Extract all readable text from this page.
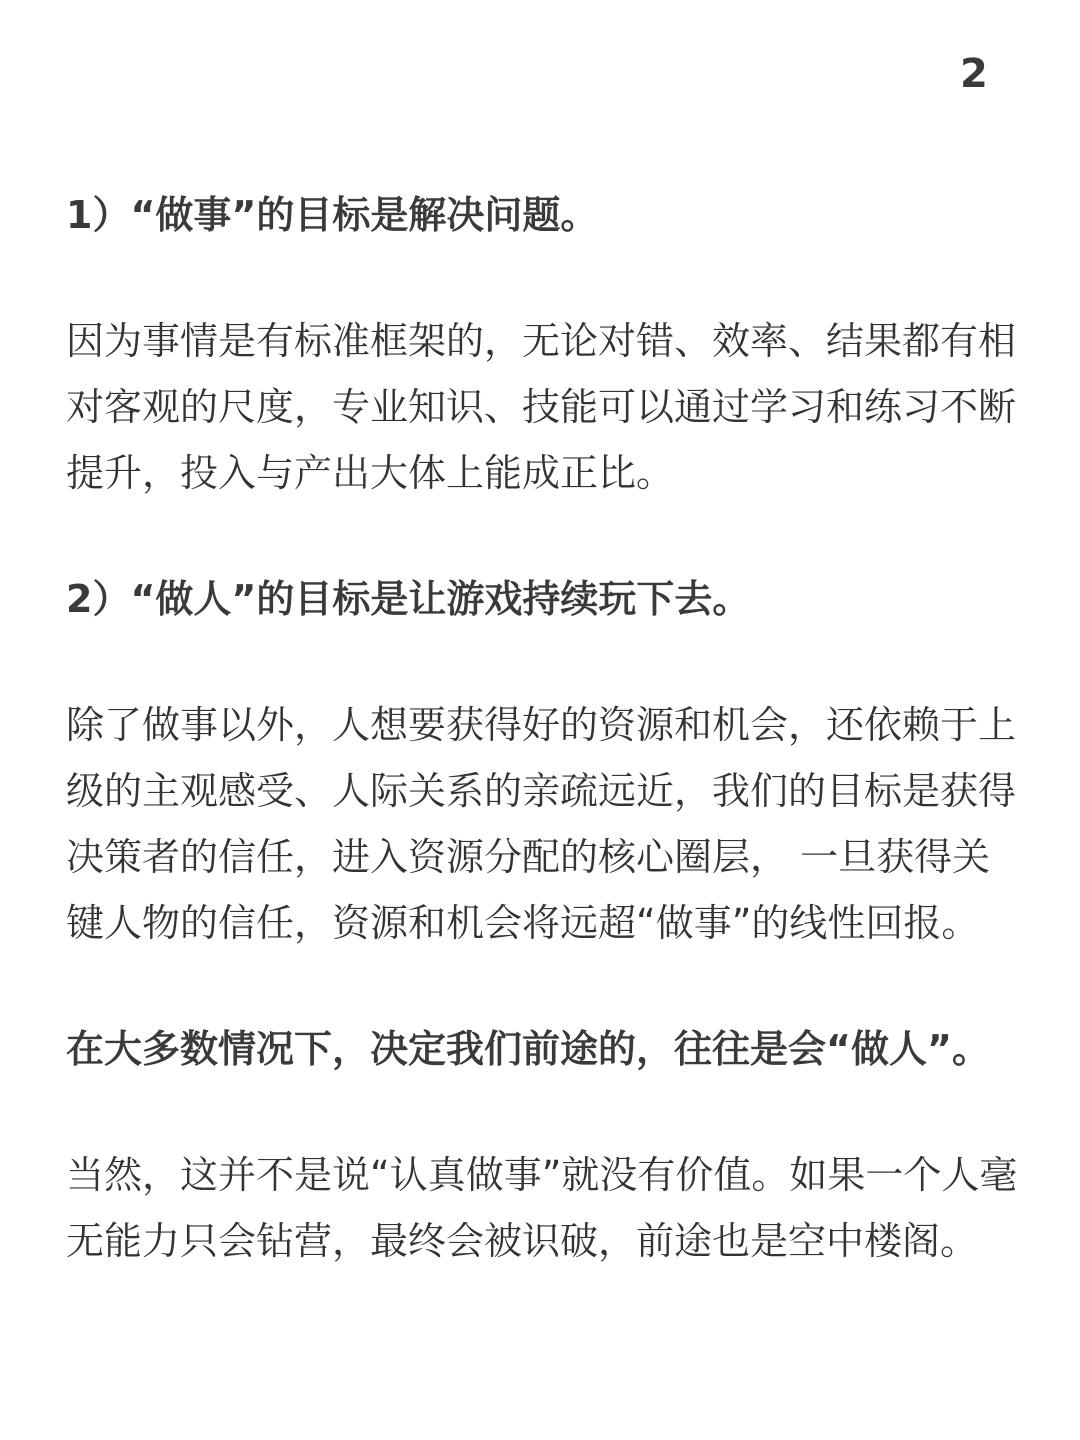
2

1）“做事”的目标是解决问题。

因为事情是有标准框架的，无论对错、效率、结果都有相对客观的尺度，专业知识、技能可以通过学习和练习不断提升，投入与产出大体上能成正比。

2）“做人”的目标是让游戏持续玩下去。

除了做事以外，人想要获得好的资源和机会，还依赖于上级的主观感受、人际关系的亲疏远近，我们的目标是获得决策者的信任，进入资源分配的核心圈层， 一旦获得关键人物的信任，资源和机会将远超“做事”的线性回报。

在大多数情况下，决定我们前途的，往往是会“做人”。

当然，这并不是说“认真做事”就没有价值。如果一个人毫无能力只会钻营，最终会被识破，前途也是空中楼阁。
